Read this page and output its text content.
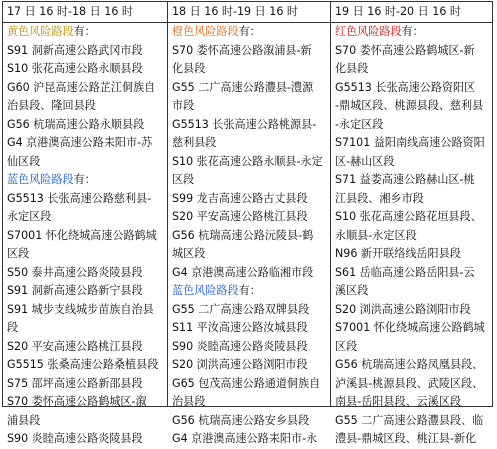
17 日 16 时-18 日 16 时	18 日 16 时-19 日 16 时	19 日 16 时-20 日 16 时
黄色风险路段有：
S91 洞新高速公路武冈市段
S10 张花高速公路永顺县段
G60 沪昆高速公路芷江侗族自
治县段、隆回县段
G56 杭瑞高速公路永顺县段
G4 京港澳高速公路耒阳市-苏
仙区段
蓝色风险路段有：
G5513 长张高速公路慈利县-
永定区段
S7001 怀化绕城高速公路鹤城
区段
S50 泰井高速公路炎陵县段
S91 洞新高速公路新宁县段
S91 城步支线城步苗族自治县
段
S20 平安高速公路桃江县段
G5515 张桑高速公路桑植县段
S75 邵坪高速公路新邵县段
S70 娄怀高速公路鹤城区-溆
浦县段
S90 炎睦高速公路炎陵县段
橙色风险路段有：
S70 娄怀高速公路溆浦县-新
化县段
G55 二广高速公路灃县-澧源
市段
G5513 长张高速公路桃源县-
慈利县段
S10 张花高速公路永顺县-永定
区段
S99 龙吉高速公路古丈县段
S20 平安高速公路桃江县段
G56 杭瑞高速公路沅陵县-鹤
城区段
G4 京港澳高速公路临湘市段
蓝色风险路段有：
G55 二广高速公路双牌县段
S11 平汝高速公路汝城县段
S90 炎睦高速公路炎陵县段
S20 浏洪高速公路浏阳市段
G65 包茂高速公路通道侗族自
治县段
G56 杭瑞高速公路安乡县段
G4 京港澳高速公路耒阳市-永
红色风险路段有：
S70 娄怀高速公路鹤城区-新
化县段
G5513 长张高速公路资阳区
-鼎城区段、桃源县段、慈利县
-永定区段
S7101 益阳南线高速公路资阳
区-赫山区段
S71 益娄高速公路赫山区-桃
江县段、湘乡市段
S10 张花高速公路花垣县段、
永顺县-永定区段
N96 新开联络线岳阳县段
S61 岳临高速公路岳阳县-云
溪区段
S20 浏洪高速公路浏阳市段
S7001 怀化绕城高速公路鹤城
区段
G56 杭瑞高速公路凤凰县段、
泸溪县-桃源县段、武陵区段、
南县-岳阳县段、云溪区段
G55 二广高速公路灃县段、临
澧县-鼎城区段、桃江县-新化
